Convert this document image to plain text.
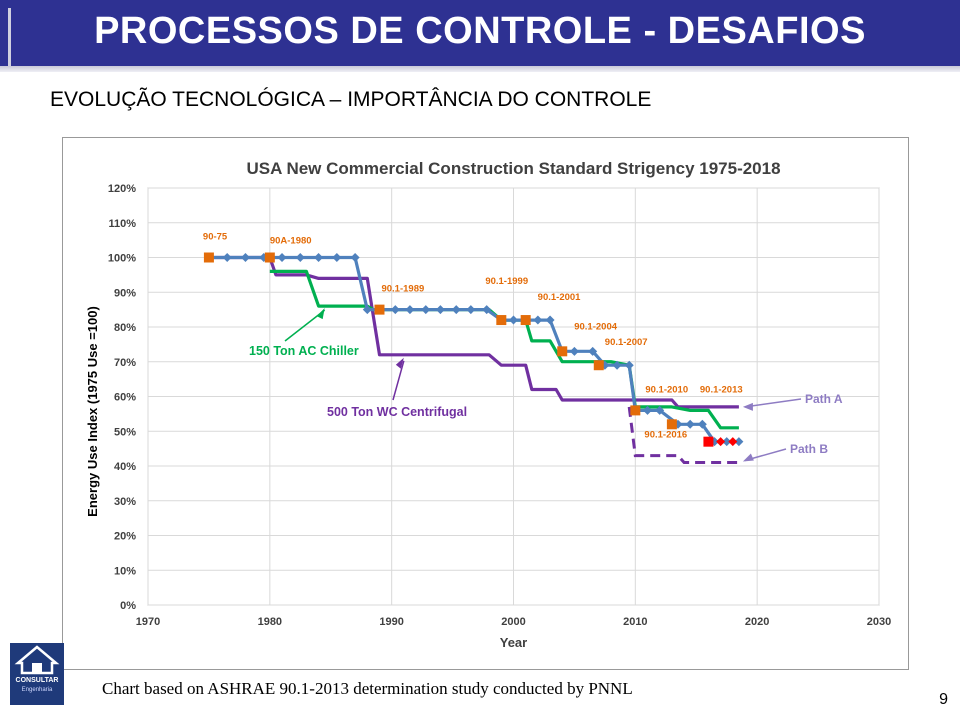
PROCESSOS DE CONTROLE - DESAFIOS
EVOLUÇÃO TECNOLÓGICA – IMPORTÂNCIA DO CONTROLE
USA New Commercial Construction Standard Strigency 1975-2018
0%
10%
20%
30%
40%
50%
60%
70%
80%
90%
100%
110%
120%
1970	1980	1990	2000	2010	2020	2030
Year
Energy Use Index (1975 Use =100)
90-75	90A-1980
90.1-1989
90.1-1999
90.1-2001
90.1-2004
90.1-2007
90.1-2010 90.1-2013
90.1-2016
150 Ton AC Chiller
500 Ton WC Centrifugal
Path A
Path B
CONSULTAR
Engenharia	Chart based on ASHRAE 90.1-2013 determination study conducted by PNNL
9
